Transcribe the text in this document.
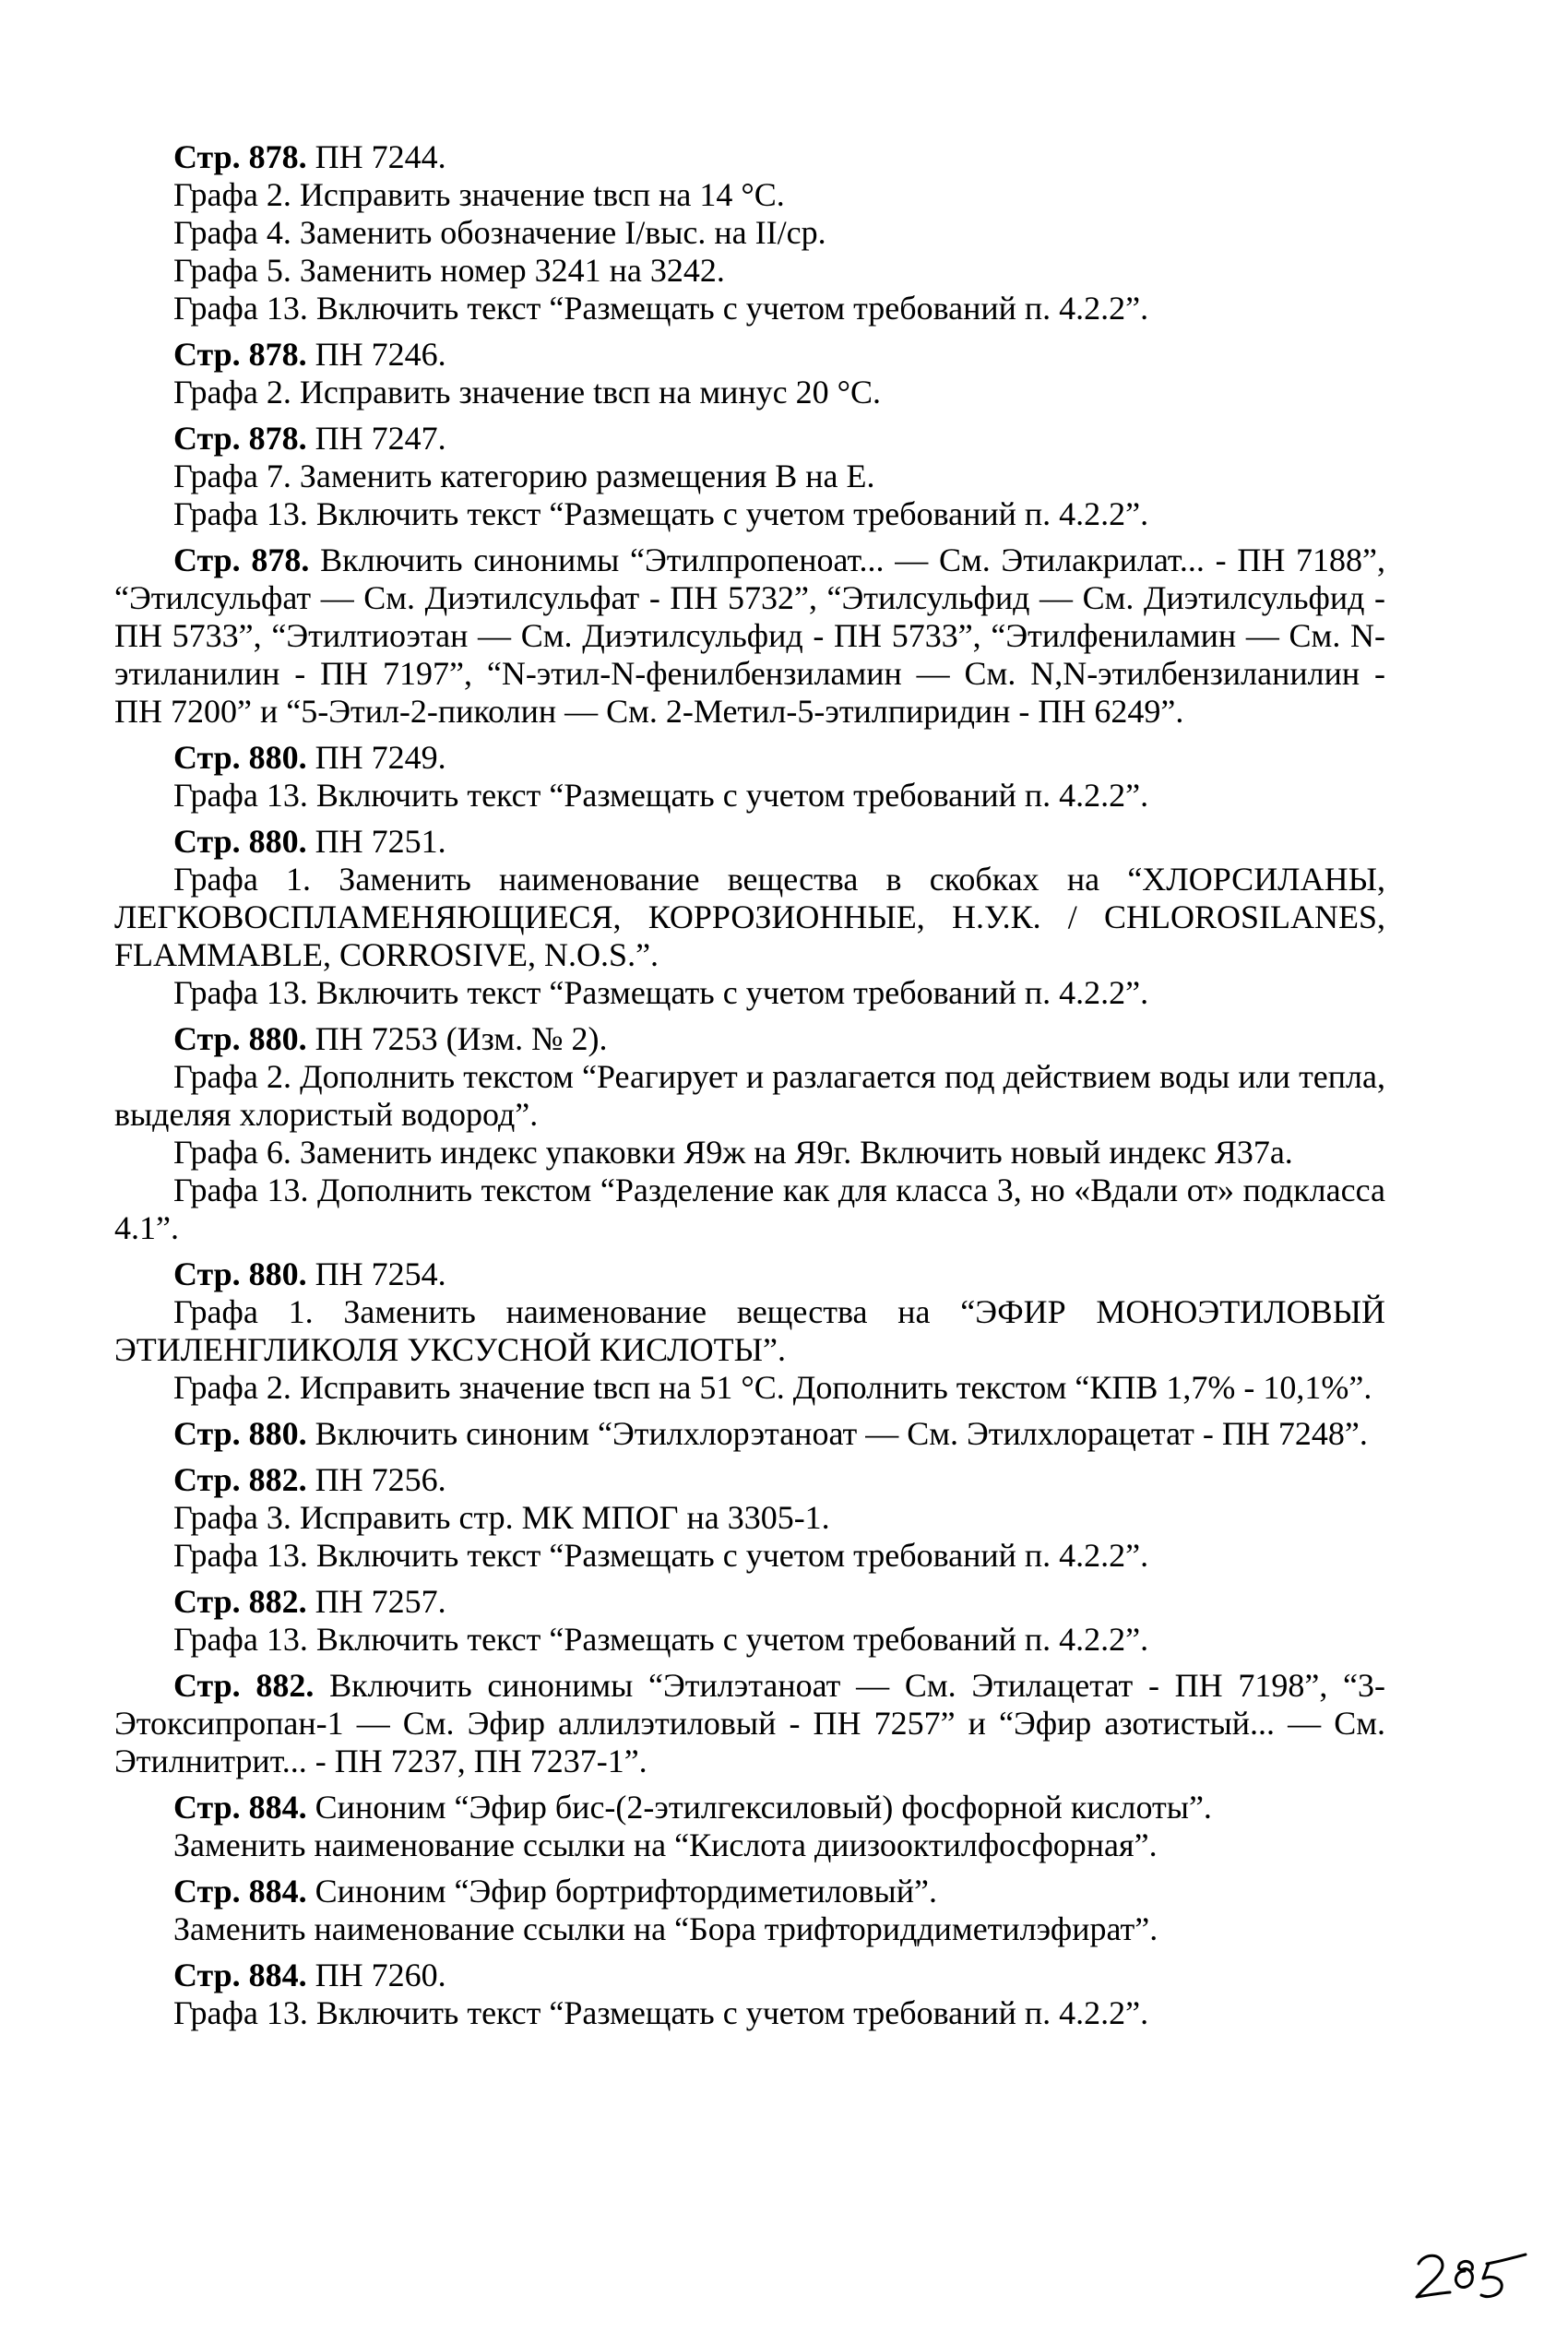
Стр. 878. ПН 7244.

Графа 2. Исправить значение tвсп на 14 °С.

Графа 4. Заменить обозначение I/выс. на II/ср.

Графа 5. Заменить номер 3241 на 3242.

Графа 13. Включить текст “Размещать с учетом требований п. 4.2.2”.

Стр. 878. ПН 7246.

Графа 2. Исправить значение tвсп на минус 20 °С.

Стр. 878. ПН 7247.

Графа 7. Заменить категорию размещения В на Е.

Графа 13. Включить текст “Размещать с учетом требований п. 4.2.2”.

Стр. 878. Включить синонимы “Этилпропеноат... — См. Этилакрилат... - ПН 7188”, “Этилсульфат — См. Диэтилсульфат - ПН 5732”, “Этилсульфид — См. Диэтилсульфид - ПН 5733”, “Этилтиоэтан — См. Диэтилсульфид - ПН 5733”, “Этилфениламин — См. N-этиланилин - ПН 7197”, “N-этил-N-фенилбензиламин — См. N,N-этилбензиланилин - ПН 7200” и “5-Этил-2-пиколин — См. 2-Метил-5-этилпиридин - ПН 6249”.

Стр. 880. ПН 7249.

Графа 13. Включить текст “Размещать с учетом требований п. 4.2.2”.

Стр. 880. ПН 7251.

Графа 1. Заменить наименование вещества в скобках на “ХЛОРСИЛАНЫ, ЛЕГКОВОСПЛАМЕНЯЮЩИЕСЯ, КОРРОЗИОННЫЕ, Н.У.К. / CHLOROSILANES, FLAMMABLE, CORROSIVE, N.O.S.”.

Графа 13. Включить текст “Размещать с учетом требований п. 4.2.2”.

Стр. 880. ПН 7253 (Изм. № 2).

Графа 2. Дополнить текстом “Реагирует и разлагается под действием воды или тепла, выделяя хлористый водород”.

Графа 6. Заменить индекс упаковки Я9ж на Я9г. Включить новый индекс Я37а.

Графа 13. Дополнить текстом “Разделение как для класса 3, но «Вдали от» подкласса 4.1”.

Стр. 880. ПН 7254.

Графа 1. Заменить наименование вещества на “ЭФИР МОНОЭТИЛОВЫЙ ЭТИЛЕНГЛИКОЛЯ УКСУСНОЙ КИСЛОТЫ”.

Графа 2. Исправить значение tвсп на 51 °С. Дополнить текстом “КПВ 1,7% - 10,1%”.

Стр. 880. Включить синоним “Этилхлорэтаноат — См. Этилхлорацетат - ПН 7248”.

Стр. 882. ПН 7256.

Графа 3. Исправить стр. МК МПОГ на 3305-1.

Графа 13. Включить текст “Размещать с учетом требований п. 4.2.2”.

Стр. 882. ПН 7257.

Графа 13. Включить текст “Размещать с учетом требований п. 4.2.2”.

Стр. 882. Включить синонимы “Этилэтаноат — См. Этилацетат - ПН 7198”, “3-Этоксипропан-1 — См. Эфир аллилэтиловый - ПН 7257” и “Эфир азотистый... — См. Этилнитрит... - ПН 7237, ПН 7237-1”.

Стр. 884. Синоним “Эфир бис-(2-этилгексиловый) фосфорной кислоты”.

Заменить наименование ссылки на “Кислота диизооктилфосфорная”.

Стр. 884. Синоним “Эфир бортрифтордиметиловый”.

Заменить наименование ссылки на “Бора трифториддиметилэфират”.

Стр. 884. ПН 7260.

Графа 13. Включить текст “Размещать с учетом требований п. 4.2.2”.
